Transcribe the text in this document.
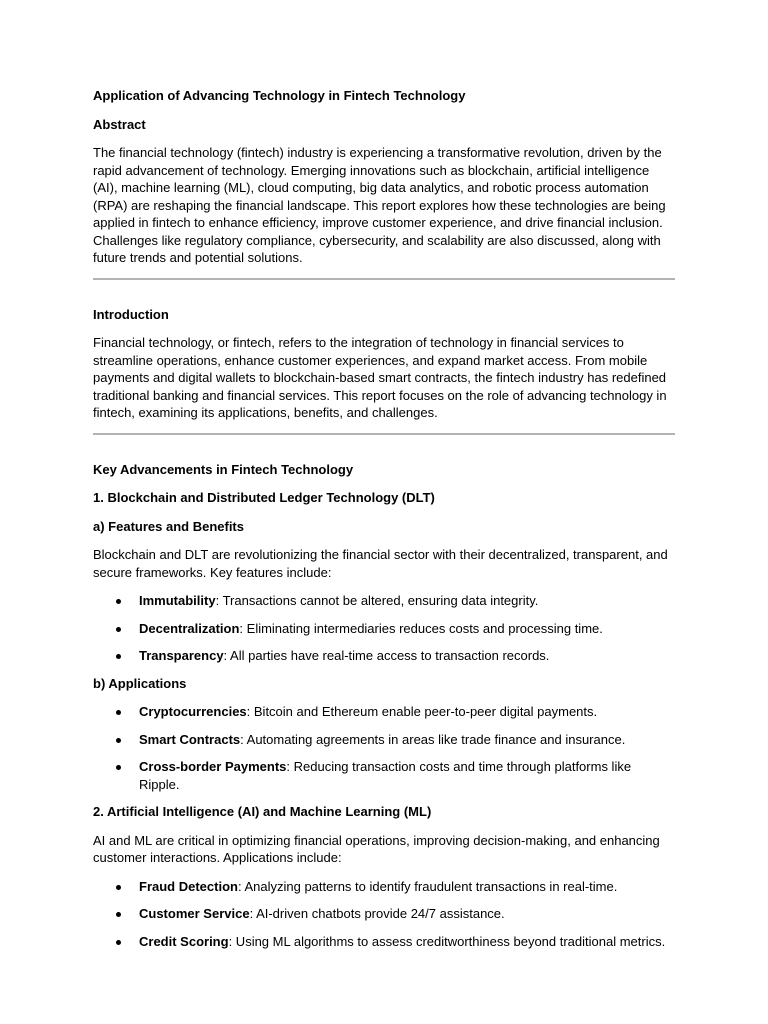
Application of Advancing Technology in Fintech Technology
Abstract

The financial technology (fintech) industry is experiencing a transformative revolution, driven by the rapid advancement of technology. Emerging innovations such as blockchain, artificial intelligence (AI), machine learning (ML), cloud computing, big data analytics, and robotic process automation (RPA) are reshaping the financial landscape. This report explores how these technologies are being applied in fintech to enhance efficiency, improve customer experience, and drive financial inclusion. Challenges like regulatory compliance, cybersecurity, and scalability are also discussed, along with future trends and potential solutions.

Introduction

Financial technology, or fintech, refers to the integration of technology in financial services to streamline operations, enhance customer experiences, and expand market access. From mobile payments and digital wallets to blockchain-based smart contracts, the fintech industry has redefined traditional banking and financial services. This report focuses on the role of advancing technology in fintech, examining its applications, benefits, and challenges.

Key Advancements in Fintech Technology
1. Blockchain and Distributed Ledger Technology (DLT)
a) Features and Benefits

Blockchain and DLT are revolutionizing the financial sector with their decentralized, transparent, and secure frameworks. Key features include:

Immutability: Transactions cannot be altered, ensuring data integrity.
Decentralization: Eliminating intermediaries reduces costs and processing time.
Transparency: All parties have real-time access to transaction records.
b) Applications
Cryptocurrencies: Bitcoin and Ethereum enable peer-to-peer digital payments.
Smart Contracts: Automating agreements in areas like trade finance and insurance.
Cross-border Payments: Reducing transaction costs and time through platforms like Ripple.
2. Artificial Intelligence (AI) and Machine Learning (ML)

AI and ML are critical in optimizing financial operations, improving decision-making, and enhancing customer interactions. Applications include:

Fraud Detection: Analyzing patterns to identify fraudulent transactions in real-time.
Customer Service: AI-driven chatbots provide 24/7 assistance.
Credit Scoring: Using ML algorithms to assess creditworthiness beyond traditional metrics.
